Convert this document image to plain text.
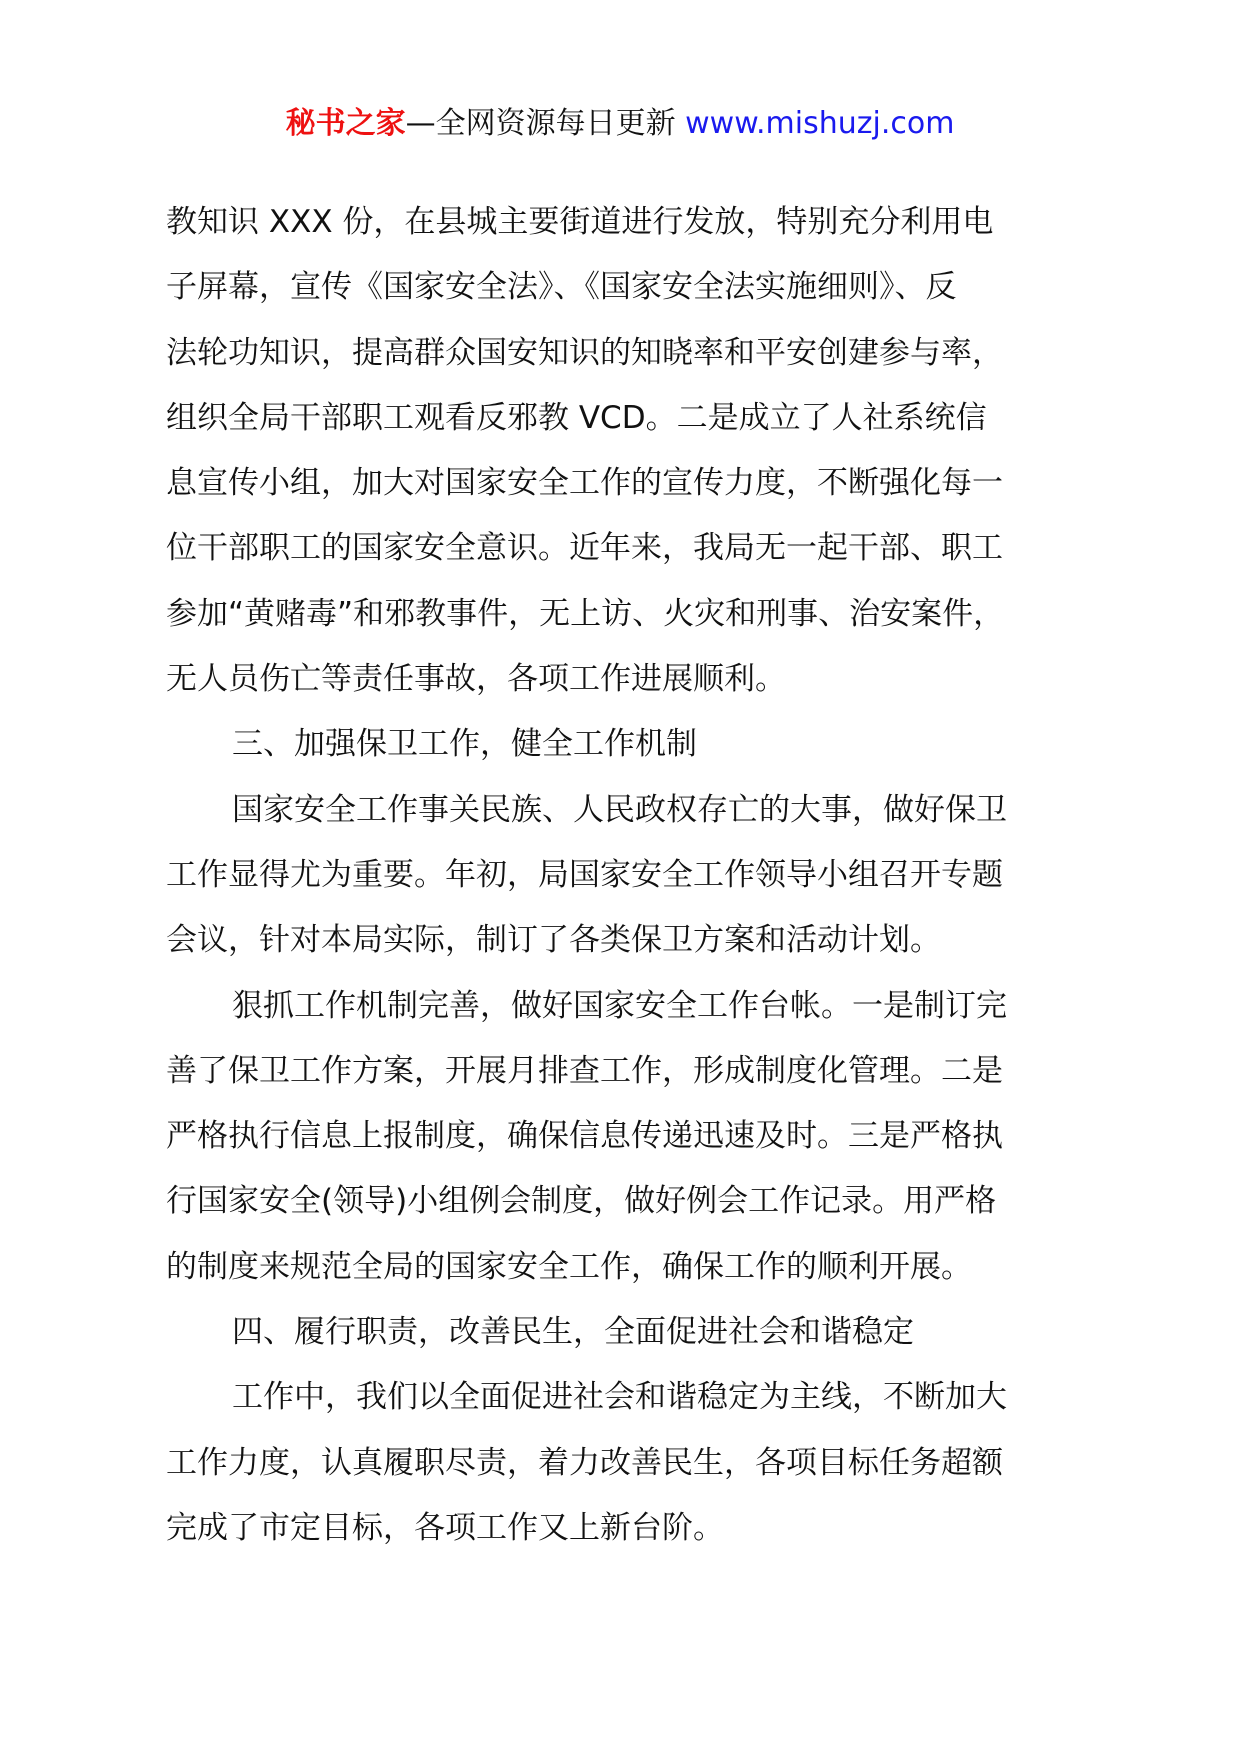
秘书之家—全网资源每日更新 www.mishuzj.com

教知识 XXX 份，在县城主要街道进行发放，特别充分利用电
子屏幕，宣传《国家安全法》、《国家安全法实施细则》、反
法轮功知识，提高群众国安知识的知晓率和平安创建参与率，
组织全局干部职工观看反邪教 VCD。二是成立了人社系统信
息宣传小组，加大对国家安全工作的宣传力度，不断强化每一
位干部职工的国家安全意识。近年来，我局无一起干部、职工
参加“黄赌毒”和邪教事件，无上访、火灾和刑事、治安案件，
无人员伤亡等责任事故，各项工作进展顺利。

三、加强保卫工作，健全工作机制

国家安全工作事关民族、人民政权存亡的大事，做好保卫
工作显得尤为重要。年初，局国家安全工作领导小组召开专题
会议，针对本局实际，制订了各类保卫方案和活动计划。

狠抓工作机制完善，做好国家安全工作台帐。一是制订完
善了保卫工作方案，开展月排查工作，形成制度化管理。二是
严格执行信息上报制度，确保信息传递迅速及时。三是严格执
行国家安全(领导)小组例会制度，做好例会工作记录。用严格
的制度来规范全局的国家安全工作，确保工作的顺利开展。

四、履行职责，改善民生，全面促进社会和谐稳定

工作中，我们以全面促进社会和谐稳定为主线，不断加大
工作力度，认真履职尽责，着力改善民生，各项目标任务超额
完成了市定目标，各项工作又上新台阶。
